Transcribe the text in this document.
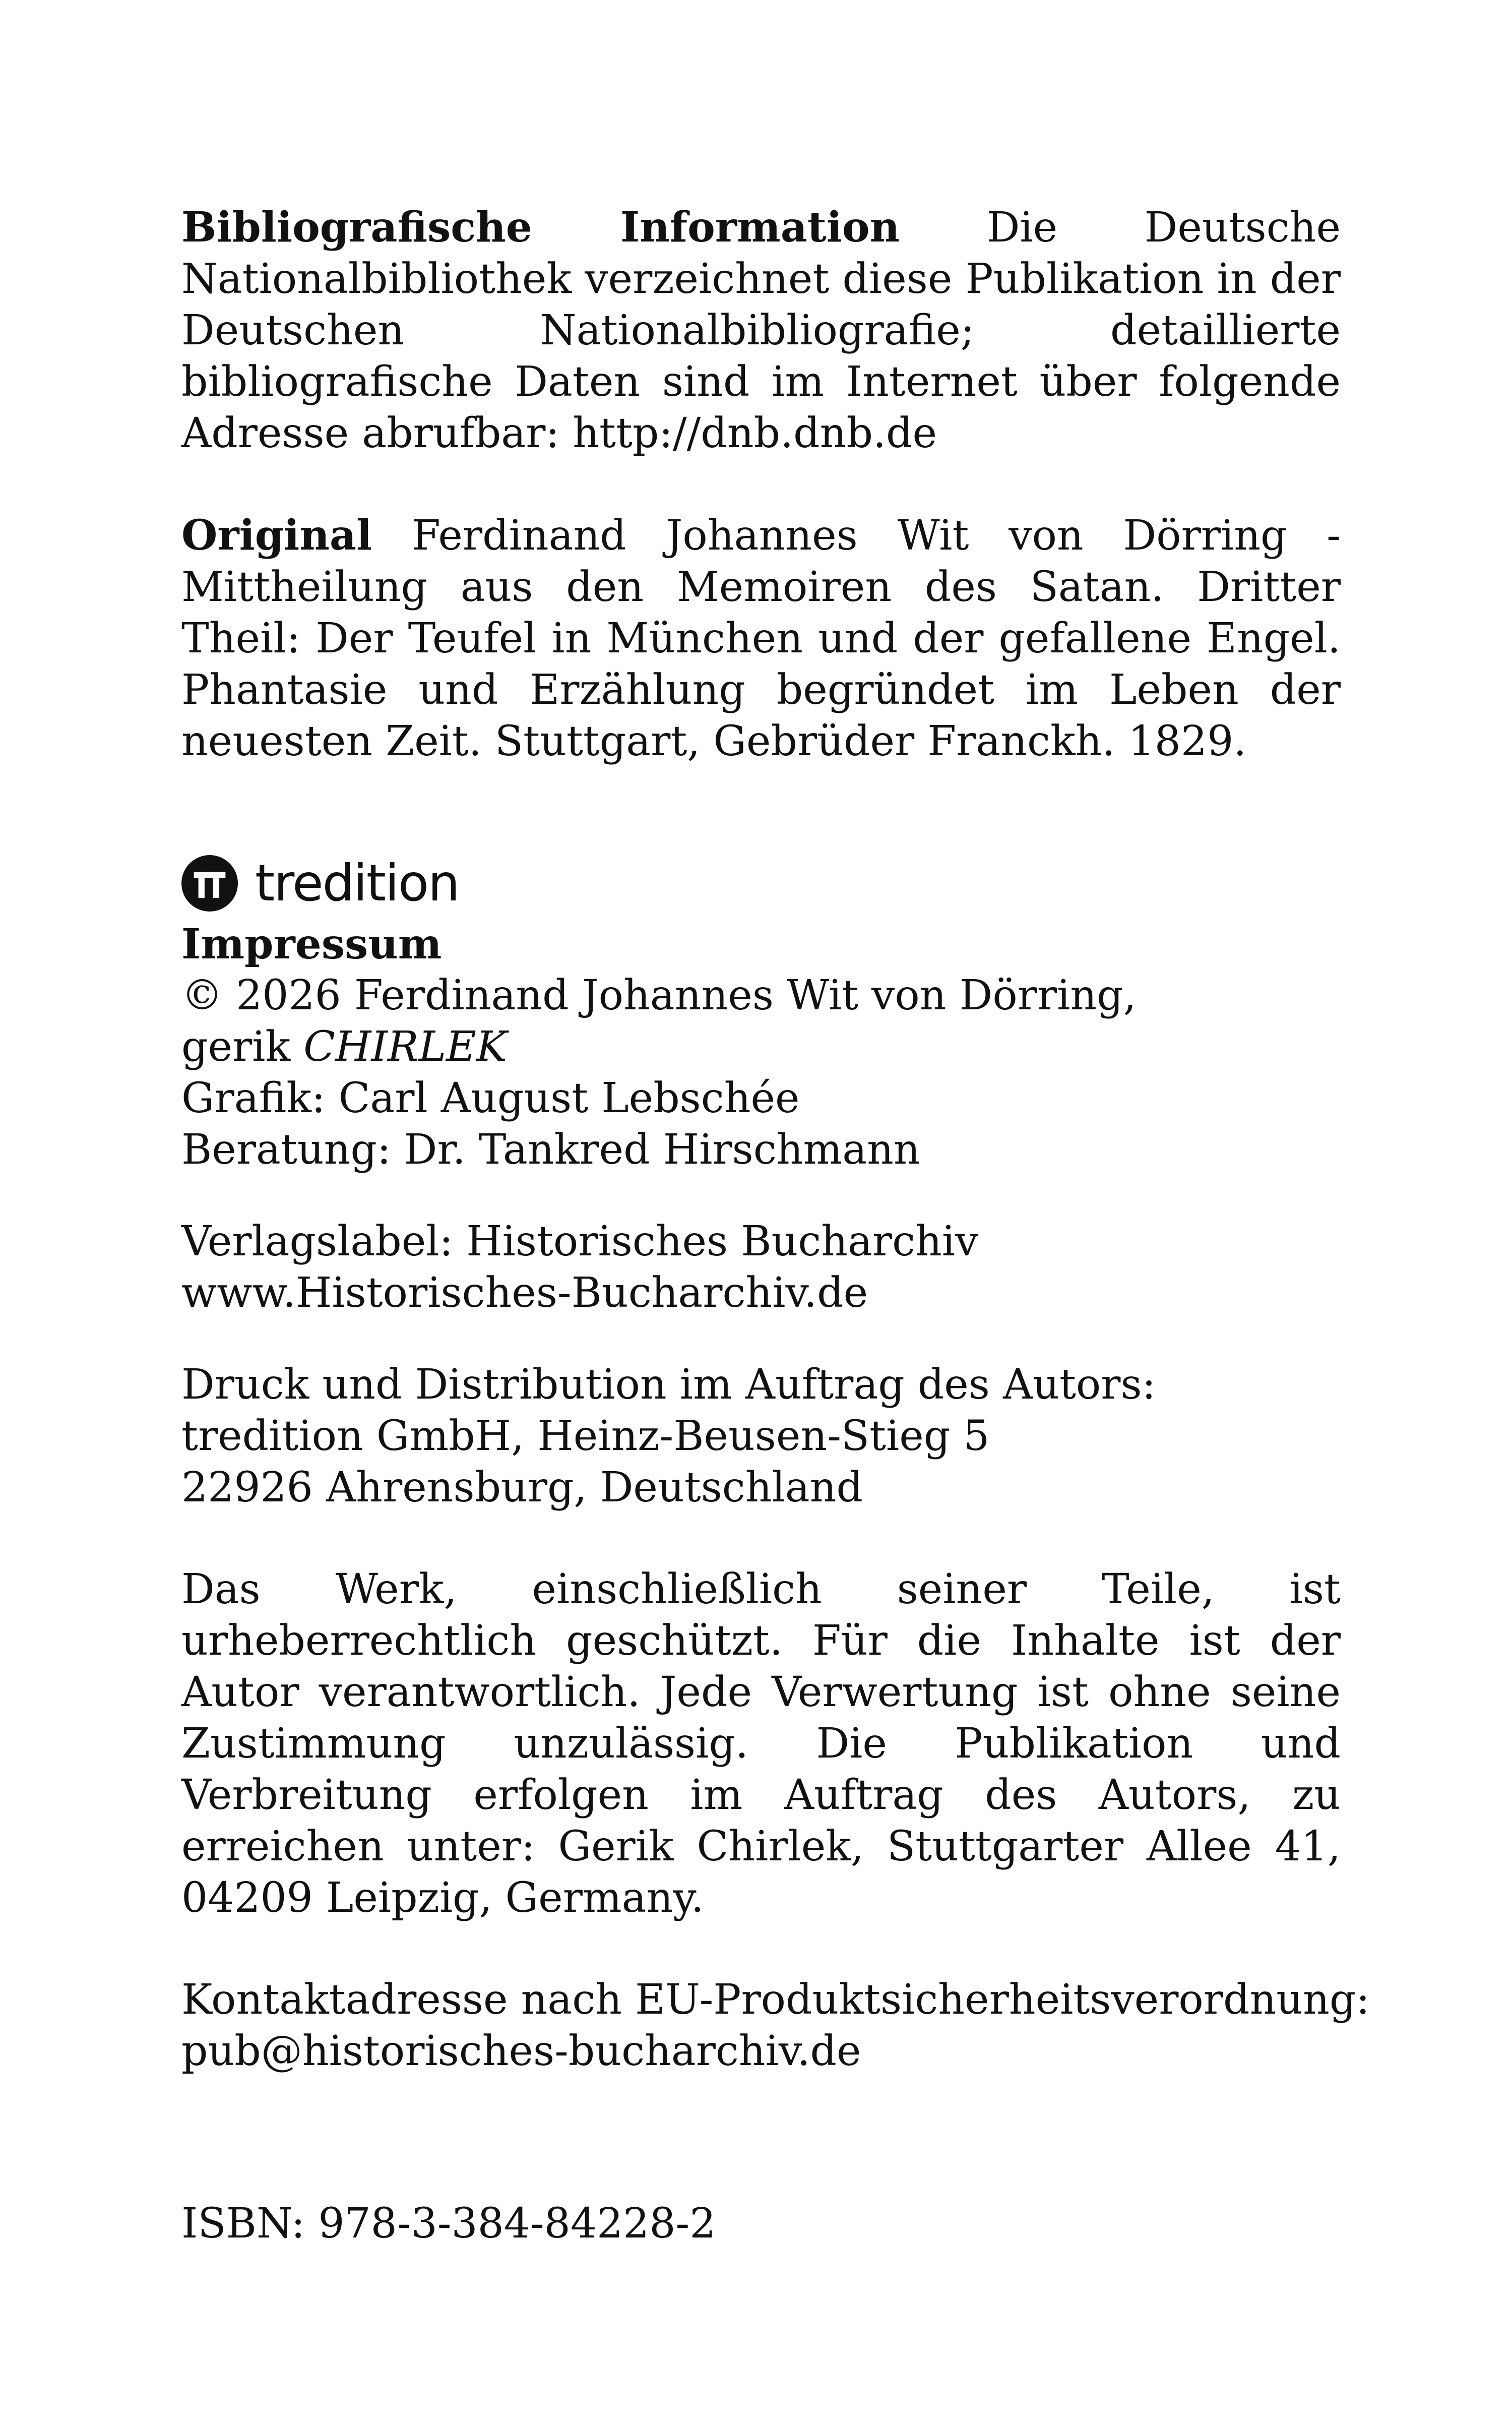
Bibliografische Information Die Deutsche Nationalbibliothek verzeichnet diese Publikation in der Deutschen Nationalbibliografie; detaillierte bibliografische Daten sind im Internet über folgende Adresse abrufbar: http://dnb.dnb.de

Original Ferdinand Johannes Wit von Dörring - Mittheilung aus den Memoiren des Satan. Dritter Theil: Der Teufel in München und der gefallene Engel. Phantasie und Erzählung begründet im Leben der neuesten Zeit. Stuttgart, Gebrüder Franckh. 1829.

tredition

Impressum

© 2026 Ferdinand Johannes Wit von Dörring,
gerik CHIRLEK
Grafik: Carl August Lebschée
Beratung: Dr. Tankred Hirschmann
Verlagslabel: Historisches Bucharchiv
www.Historisches-Bucharchiv.de
Druck und Distribution im Auftrag des Autors:
tredition GmbH, Heinz-Beusen-Stieg 5
22926 Ahrensburg, Deutschland

Das Werk, einschließlich seiner Teile, ist urheberrechtlich geschützt. Für die Inhalte ist der Autor verantwortlich. Jede Verwertung ist ohne seine Zustimmung unzulässig. Die Publikation und Verbreitung erfolgen im Auftrag des Autors, zu erreichen unter: Gerik Chirlek, Stuttgarter Allee 41, 04209 Leipzig, Germany.

Kontaktadresse nach EU-Produktsicherheitsverordnung:
pub@historisches-bucharchiv.de
ISBN: 978-3-384-84228-2
